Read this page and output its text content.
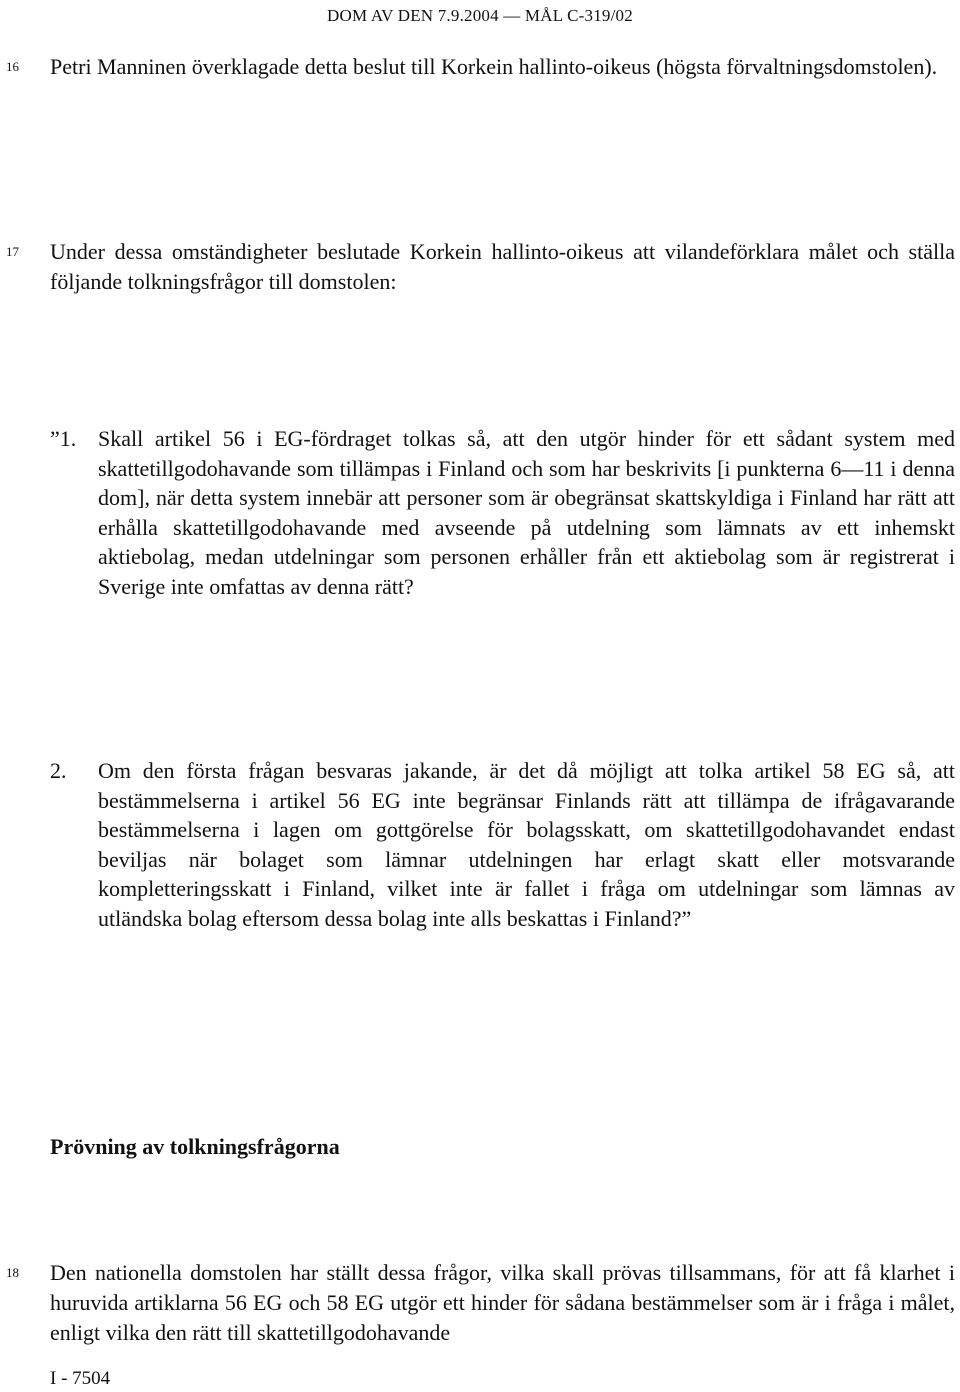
DOM AV DEN 7.9.2004 — MÅL C-319/02
16 Petri Manninen överklagade detta beslut till Korkein hallinto-oikeus (högsta förvaltningsdomstolen).
17 Under dessa omständigheter beslutade Korkein hallinto-oikeus att vilandeförklara målet och ställa följande tolkningsfrågor till domstolen:
”1. Skall artikel 56 i EG-fördraget tolkas så, att den utgör hinder för ett sådant system med skattetillgodohavande som tillämpas i Finland och som har beskrivits [i punkterna 6—11 i denna dom], när detta system innebär att personer som är obegränsat skattskyldiga i Finland har rätt att erhålla skattetillgodohavande med avseende på utdelning som lämnats av ett inhemskt aktiebolag, medan utdelningar som personen erhåller från ett aktiebolag som är registrerat i Sverige inte omfattas av denna rätt?
2. Om den första frågan besvaras jakande, är det då möjligt att tolka artikel 58 EG så, att bestämmelserna i artikel 56 EG inte begränsar Finlands rätt att tillämpa de ifrågavarande bestämmelserna i lagen om gottgörelse för bolagsskatt, om skattetillgodohavandet endast beviljas när bolaget som lämnar utdelningen har erlagt skatt eller motsvarande kompletteringsskatt i Finland, vilket inte är fallet i fråga om utdelningar som lämnas av utländska bolag eftersom dessa bolag inte alls beskattas i Finland?”
Prövning av tolkningsfrågorna
18 Den nationella domstolen har ställt dessa frågor, vilka skall prövas tillsammans, för att få klarhet i huruvida artiklarna 56 EG och 58 EG utgör ett hinder för sådana bestämmelser som är i fråga i målet, enligt vilka den rätt till skattetillgodohavande
I - 7504
